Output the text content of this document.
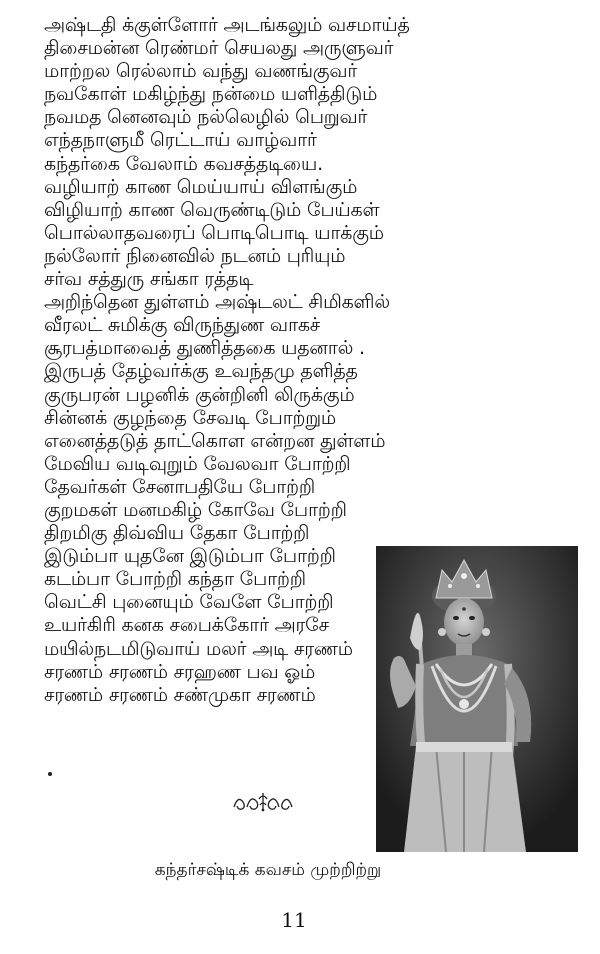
அஷ்டதி க்குள்ளோர் அடங்கலும் வசமாய்த்
திசைமன்ன ரெண்மர் செயலது அருளுவர்
மாற்றல ரெல்லாம் வந்து வணங்குவர்
நவகோள் மகிழ்ந்து நன்மை யளித்திடும்
நவமத னெனவும் நல்லெழில் பெறுவர்
எந்தநாளுமீ ரெட்டாய் வாழ்வார்
கந்தர்கை வேலாம் கவசத்தடியை.
வழியாற் காண மெய்யாய் விளங்கும்
விழியாற் காண வெருண்டிடும் பேய்கள்
பொல்லாதவரைப் பொடிபொடி யாக்கும்
நல்லோர் நினைவில் நடனம் புரியும்
சர்வ சத்துரு சங்கா ரத்தடி
அறிந்தென துள்ளம் அஷ்டலட் சிமிகளில்
வீரலட் சுமிக்கு விருந்துண வாகச்
சூரபத்மாவைத் துணித்தகை யதனால் .
இருபத் தேழ்வர்க்கு உவந்தமு தளித்த
குருபரன் பழனிக் குன்றினி லிருக்கும்
சின்னக் குழந்தை சேவடி போற்றும்
எனைத்தடுத் தாட்கொள என்றன துள்ளம்
மேவிய வடிவுறும் வேலவா போற்றி
தேவர்கள் சேனாபதியே போற்றி
குறமகள் மனமகிழ் கோவே போற்றி
திறமிகு திவ்விய தேகா போற்றி
இடும்பா யுதனே இடும்பா போற்றி
கடம்பா போற்றி கந்தா போற்றி
வெட்சி புனையும் வேளே போற்றி
உயர்கிரி கனக சபைக்கோர் அரசே
மயில்நடமிடுவாய் மலர் அடி சரணம்
சரணம் சரணம் சரஹண பவ ஓம்
சரணம் சரணம் சண்முகா சரணம்
கந்தர்சஷ்டிக் கவசம் முற்றிற்று
11
